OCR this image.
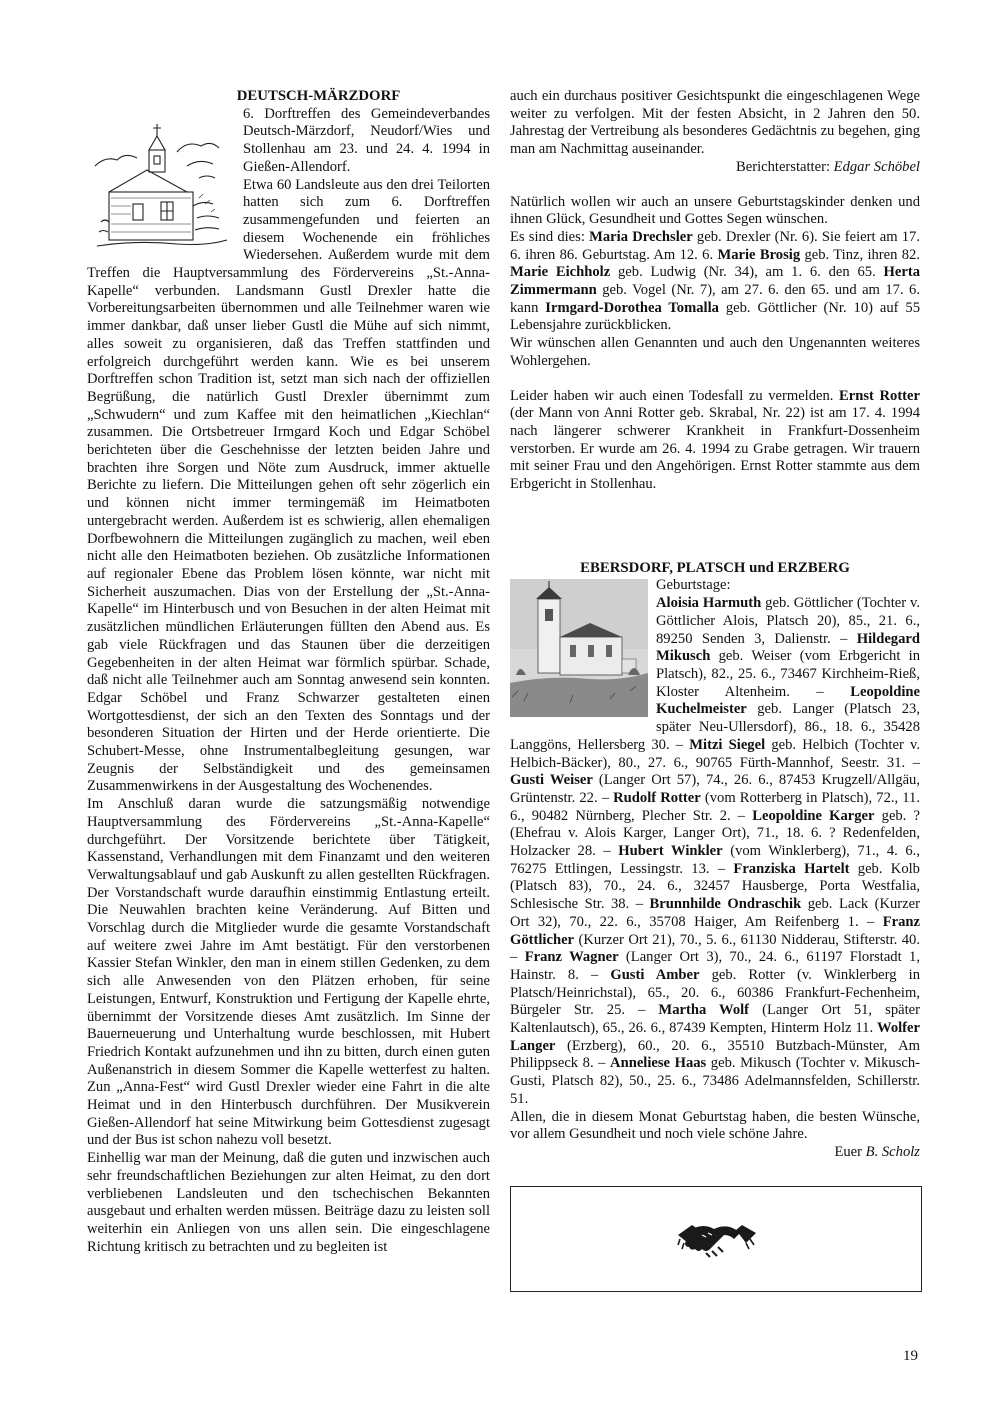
DEUTSCH-MÄRZDORF

6. Dorftreffen des Gemeindeverbandes Deutsch-Märzdorf, Neudorf/Wies und Stollenhau am 23. und 24. 4. 1994 in Gießen-Allendorf.

Etwa 60 Landsleute aus den drei Teilorten hatten sich zum 6. Dorftreffen zusammengefunden und feierten an diesem Wochenende ein fröhliches Wiedersehen. Außerdem wurde mit dem Treffen die Hauptversammlung des Fördervereins „St.-Anna-Kapelle“ verbunden. Landsmann Gustl Drexler hatte die Vorbereitungsarbeiten übernommen und alle Teilnehmer waren wie immer dankbar, daß unser lieber Gustl die Mühe auf sich nimmt, alles soweit zu organisieren, daß das Treffen stattfinden und erfolgreich durchgeführt werden kann. Wie es bei unserem Dorftreffen schon Tradition ist, setzt man sich nach der offiziellen Begrüßung, die natürlich Gustl Drexler übernimmt zum „Schwudern“ und zum Kaffee mit den heimatlichen „Kiechlan“ zusammen. Die Ortsbetreuer Irmgard Koch und Edgar Schöbel berichteten über die Geschehnisse der letzten beiden Jahre und brachten ihre Sorgen und Nöte zum Ausdruck, immer aktuelle Berichte zu liefern. Die Mitteilungen gehen oft sehr zögerlich ein und können nicht immer termingemäß im Heimatboten untergebracht werden. Außerdem ist es schwierig, allen ehemaligen Dorfbewohnern die Mitteilungen zugänglich zu machen, weil eben nicht alle den Heimatboten beziehen. Ob zusätzliche Informationen auf regionaler Ebene das Problem lösen könnte, war nicht mit Sicherheit auszumachen. Dias von der Erstellung der „St.-Anna-Kapelle“ im Hinterbusch und von Besuchen in der alten Heimat mit zusätzlichen mündlichen Erläuterungen füllten den Abend aus. Es gab viele Rückfragen und das Staunen über die derzeitigen Gegebenheiten in der alten Heimat war förmlich spürbar. Schade, daß nicht alle Teilnehmer auch am Sonntag anwesend sein konnten. Edgar Schöbel und Franz Schwarzer gestalteten einen Wortgottesdienst, der sich an den Texten des Sonntags und der besonderen Situation der Hirten und der Herde orientierte. Die Schubert-Messe, ohne Instrumentalbegleitung gesungen, war Zeugnis der Selbständigkeit und des gemeinsamen Zusammenwirkens in der Ausgestaltung des Wochenendes.

Im Anschluß daran wurde die satzungsmäßig notwendige Hauptversammlung des Fördervereins „St.-Anna-Kapelle“ durchgeführt. Der Vorsitzende berichtete über Tätigkeit, Kassenstand, Verhandlungen mit dem Finanzamt und den weiteren Verwaltungsablauf und gab Auskunft zu allen gestellten Rückfragen. Der Vorstandschaft wurde daraufhin einstimmig Entlastung erteilt. Die Neuwahlen brachten keine Veränderung. Auf Bitten und Vorschlag durch die Mitglieder wurde die gesamte Vorstandschaft auf weitere zwei Jahre im Amt bestätigt. Für den verstorbenen Kassier Stefan Winkler, den man in einem stillen Gedenken, zu dem sich alle Anwesenden von den Plätzen erhoben, für seine Leistungen, Entwurf, Konstruktion und Fertigung der Kapelle ehrte, übernimmt der Vorsitzende dieses Amt zusätzlich. Im Sinne der Bauerneuerung und Unterhaltung wurde beschlossen, mit Hubert Friedrich Kontakt aufzunehmen und ihn zu bitten, durch einen guten Außenanstrich in diesem Sommer die Kapelle wetterfest zu halten. Zun „Anna-Fest“ wird Gustl Drexler wieder eine Fahrt in die alte Heimat und in den Hinterbusch durchführen. Der Musikverein Gießen-Allendorf hat seine Mitwirkung beim Gottesdienst zugesagt und der Bus ist schon nahezu voll besetzt.

Einhellig war man der Meinung, daß die guten und inzwischen auch sehr freundschaftlichen Beziehungen zur alten Heimat, zu den dort verbliebenen Landsleuten und den tschechischen Bekannten ausgebaut und erhalten werden müssen. Beiträge dazu zu leisten soll weiterhin ein Anliegen von uns allen sein. Die eingeschlagene Richtung kritisch zu betrachten und zu begleiten ist

auch ein durchaus positiver Gesichtspunkt die eingeschlagenen Wege weiter zu verfolgen. Mit der festen Absicht, in 2 Jahren den 50. Jahrestag der Vertreibung als besonderes Gedächtnis zu begehen, ging man am Nachmittag auseinander.

Berichterstatter: Edgar Schöbel

Natürlich wollen wir auch an unsere Geburtstagskinder denken und ihnen Glück, Gesundheit und Gottes Segen wünschen.

Es sind dies: Maria Drechsler geb. Drexler (Nr. 6). Sie feiert am 17. 6. ihren 86. Geburtstag. Am 12. 6. Marie Brosig geb. Tinz, ihren 82. Marie Eichholz geb. Ludwig (Nr. 34), am 1. 6. den 65. Herta Zimmermann geb. Vogel (Nr. 7), am 27. 6. den 65. und am 17. 6. kann Irmgard-Dorothea Tomalla geb. Göttlicher (Nr. 10) auf 55 Lebensjahre zurückblicken.

Wir wünschen allen Genannten und auch den Ungenannten weiteres Wohlergehen.

Leider haben wir auch einen Todesfall zu vermelden. Ernst Rotter (der Mann von Anni Rotter geb. Skrabal, Nr. 22) ist am 17. 4. 1994 nach längerer schwerer Krankheit in Frankfurt-Dossenheim verstorben. Er wurde am 26. 4. 1994 zu Grabe getragen. Wir trauern mit seiner Frau und den Angehörigen. Ernst Rotter stammte aus dem Erbgericht in Stollenhau.

EBERSDORF, PLATSCH und ERZBERG

Geburtstage:

Aloisia Harmuth geb. Göttlicher (Tochter v. Göttlicher Alois, Platsch 20), 85., 21. 6., 89250 Senden 3, Dalienstr. – Hildegard Mikusch geb. Weiser (vom Erbgericht in Platsch), 82., 25. 6., 73467 Kirchheim-Rieß, Kloster Altenheim. – Leopoldine Kuchelmeister geb. Langer (Platsch 23, später Neu-Ullersdorf), 86., 18. 6., 35428 Langgöns, Hellersberg 30. – Mitzi Siegel geb. Helbich (Tochter v. Helbich-Bäcker), 80., 27. 6., 90765 Fürth-Mannhof, Seestr. 31. – Gusti Weiser (Langer Ort 57), 74., 26. 6., 87453 Krugzell/Allgäu, Grüntenstr. 22. – Rudolf Rotter (vom Rotterberg in Platsch), 72., 11. 6., 90482 Nürnberg, Plecher Str. 2. – Leopoldine Karger geb. ? (Ehefrau v. Alois Karger, Langer Ort), 71., 18. 6. ? Redenfelden, Holzacker 28. – Hubert Winkler (vom Winklerberg), 71., 4. 6., 76275 Ettlingen, Lessingstr. 13. – Franziska Hartelt geb. Kolb (Platsch 83), 70., 24. 6., 32457 Hausberge, Porta Westfalia, Schlesische Str. 38. – Brunnhilde Ondraschik geb. Lack (Kurzer Ort 32), 70., 22. 6., 35708 Haiger, Am Reifenberg 1. – Franz Göttlicher (Kurzer Ort 21), 70., 5. 6., 61130 Nidderau, Stifterstr. 40. – Franz Wagner (Langer Ort 3), 70., 24. 6., 61197 Florstadt 1, Hainstr. 8. – Gusti Amber geb. Rotter (v. Winklerberg in Platsch/Heinrichstal), 65., 20. 6., 60386 Frankfurt-Fechenheim, Bürgeler Str. 25. – Martha Wolf (Langer Ort 51, später Kaltenlautsch), 65., 26. 6., 87439 Kempten, Hinterm Holz 11. Wolfer Langer (Erzberg), 60., 20. 6., 35510 Butzbach-Münster, Am Philippseck 8. – Anneliese Haas geb. Mikusch (Tochter v. Mikusch-Gusti, Platsch 82), 50., 25. 6., 73486 Adelmannsfelden, Schillerstr. 51.

Allen, die in diesem Monat Geburtstag haben, die besten Wünsche, vor allem Gesundheit und noch viele schöne Jahre.

Euer B. Scholz

19
